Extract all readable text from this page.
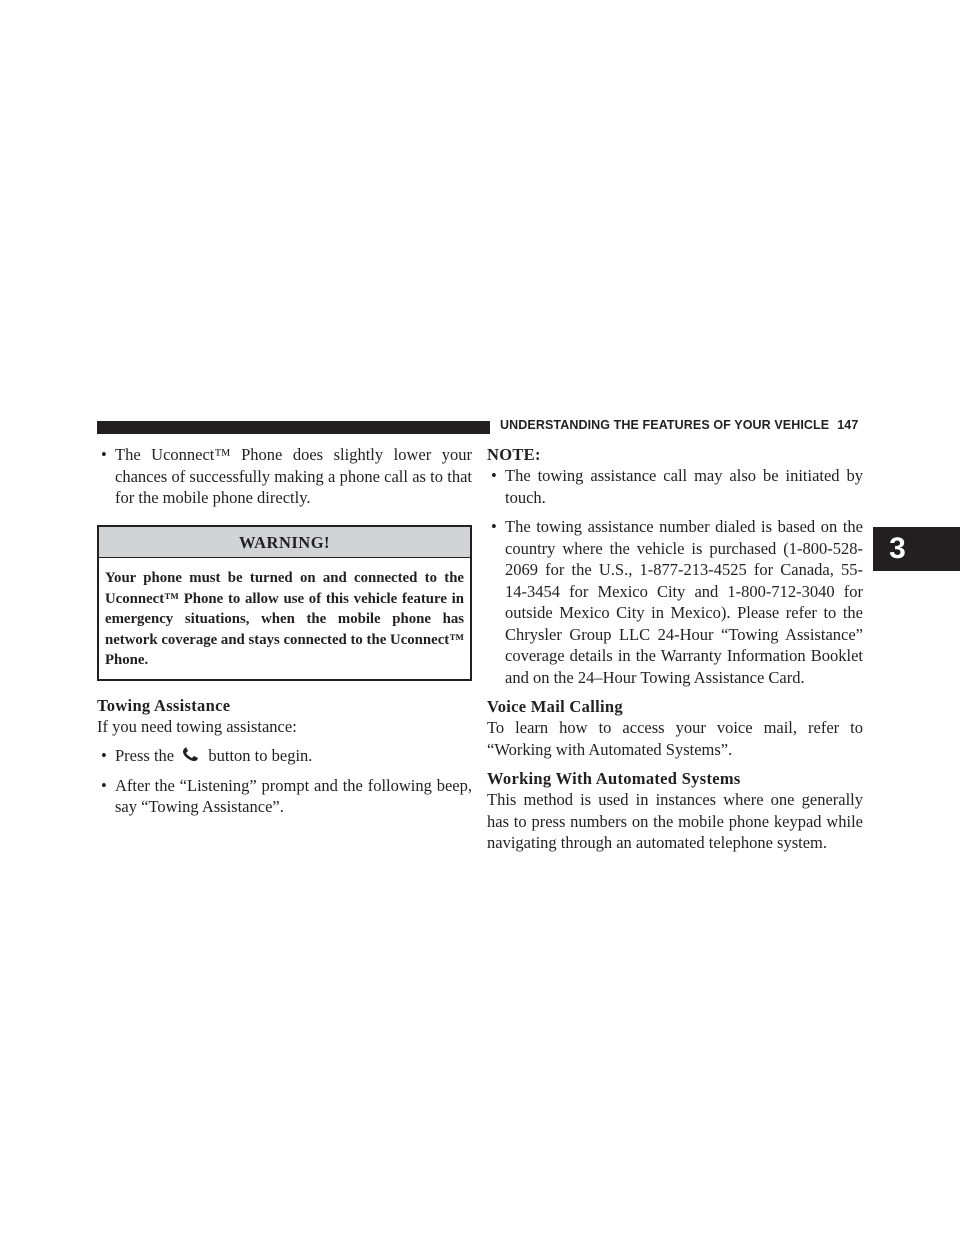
UNDERSTANDING THE FEATURES OF YOUR VEHICLE 147
3
• The Uconnect™ Phone does slightly lower your chances of successfully making a phone call as to that for the mobile phone directly.
WARNING!
Your phone must be turned on and connected to the Uconnect™ Phone to allow use of this vehicle feature in emergency situations, when the mobile phone has network coverage and stays connected to the Uconnect™ Phone.
Towing Assistance

If you need towing assistance:

• Press the button to begin.
• After the “Listening” prompt and the following beep, say “Towing Assistance”.
NOTE:
• The towing assistance call may also be initiated by touch.
• The towing assistance number dialed is based on the country where the vehicle is purchased (1-800-528-2069 for the U.S., 1-877-213-4525 for Canada, 55-14-3454 for Mexico City and 1-800-712-3040 for outside Mexico City in Mexico). Please refer to the Chrysler Group LLC 24-Hour “Towing Assistance” coverage details in the Warranty Information Booklet and on the 24–Hour Towing Assistance Card.
Voice Mail Calling

To learn how to access your voice mail, refer to “Working with Automated Systems”.

Working With Automated Systems

This method is used in instances where one generally has to press numbers on the mobile phone keypad while navigating through an automated telephone system.
